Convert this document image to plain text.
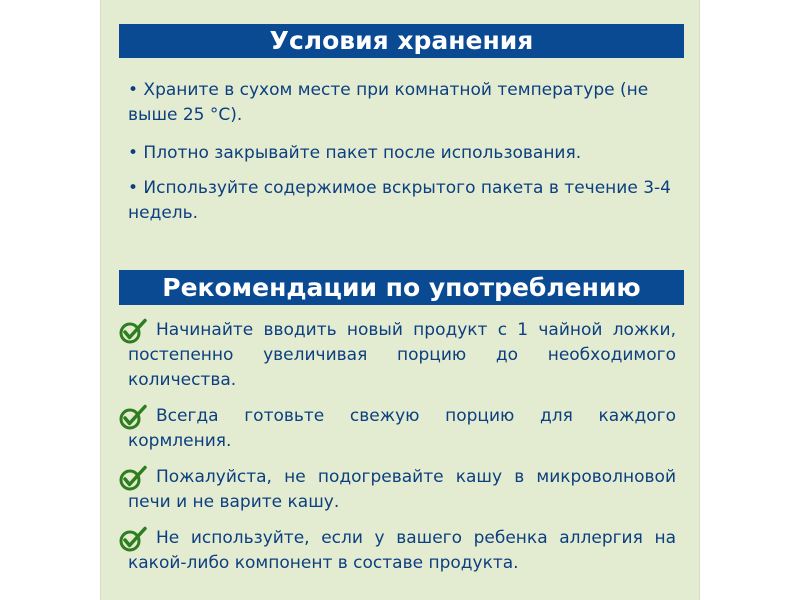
Условия хранения

• Храните в сухом месте при комнатной температуре (не выше 25 °C).

• Плотно закрывайте пакет после использования.

• Используйте содержимое вскрытого пакета в течение 3-4 недель.

Рекомендации по употреблению
Начинайте вводить новый продукт с 1 чайной ложки, постепенно увеличивая порцию до необходимого количества.
Всегда готовьте свежую порцию для каждого кормления.
Пожалуйста, не подогревайте кашу в микроволновой печи и не варите кашу.
Не используйте, если у вашего ребенка аллергия на какой-либо компонент в составе продукта.
